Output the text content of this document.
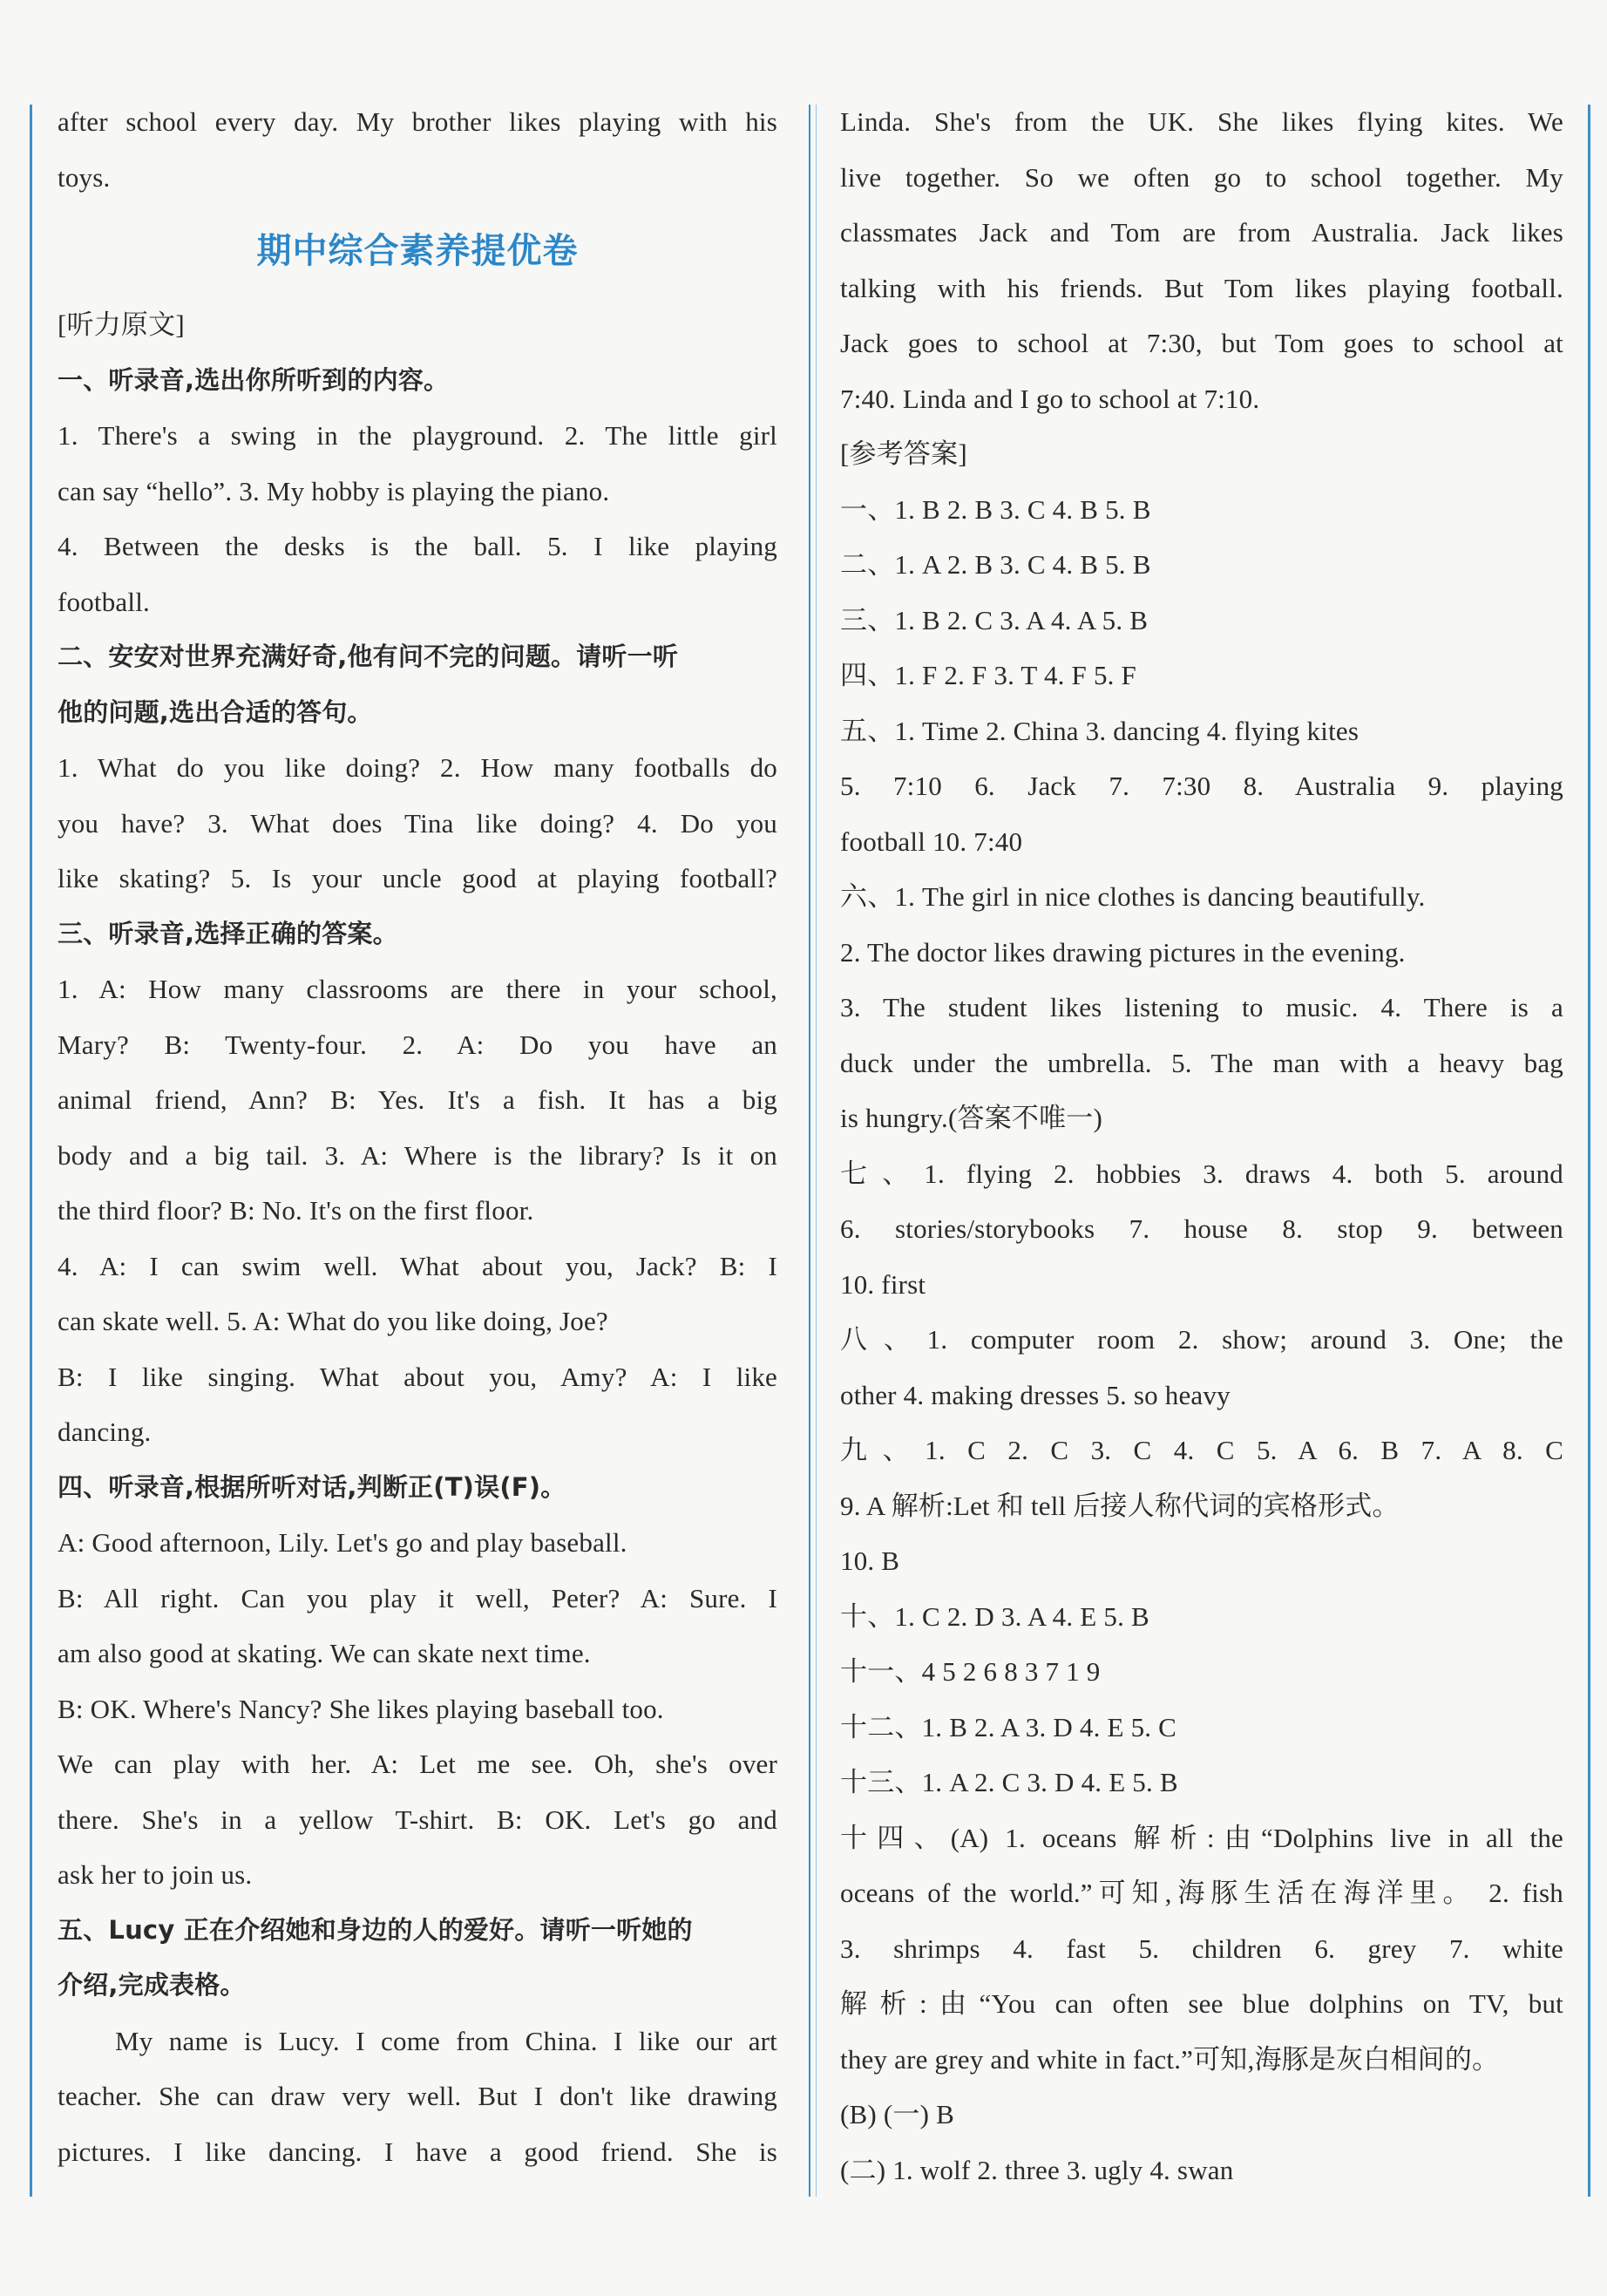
after school every day. My brother likes playing with his
toys.
期中综合素养提优卷
[听力原文]
一、听录音,选出你所听到的内容。
1. There's a swing in the playground. 2. The little girl
can say “hello”. 3. My hobby is playing the piano.
4. Between the desks is the ball. 5. I like playing
football.
二、安安对世界充满好奇,他有问不完的问题。请听一听
他的问题,选出合适的答句。
1. What do you like doing? 2. How many footballs do
you have? 3. What does Tina like doing? 4. Do you
like skating? 5. Is your uncle good at playing football?
三、听录音,选择正确的答案。
1. A: How many classrooms are there in your school,
Mary? B: Twenty-four. 2. A: Do you have an
animal friend, Ann? B: Yes. It's a fish. It has a big
body and a big tail. 3. A: Where is the library? Is it on
the third floor? B: No. It's on the first floor.
4. A: I can swim well. What about you, Jack? B: I
can skate well. 5. A: What do you like doing, Joe?
B: I like singing. What about you, Amy? A: I like
dancing.
四、听录音,根据所听对话,判断正(T)误(F)。
A: Good afternoon, Lily. Let's go and play baseball.
B: All right. Can you play it well, Peter? A: Sure. I
am also good at skating. We can skate next time.
B: OK. Where's Nancy? She likes playing baseball too.
We can play with her. A: Let me see. Oh, she's over
there. She's in a yellow T-shirt. B: OK. Let's go and
ask her to join us.
五、Lucy 正在介绍她和身边的人的爱好。请听一听她的
介绍,完成表格。
My name is Lucy. I come from China. I like our art
teacher. She can draw very well. But I don't like drawing
pictures. I like dancing. I have a good friend. She is
Linda. She's from the UK. She likes flying kites. We
live together. So we often go to school together. My
classmates Jack and Tom are from Australia. Jack likes
talking with his friends. But Tom likes playing football.
Jack goes to school at 7:30, but Tom goes to school at
7:40. Linda and I go to school at 7:10.
[参考答案]
一、1. B 2. B 3. C 4. B 5. B
二、1. A 2. B 3. C 4. B 5. B
三、1. B 2. C 3. A 4. A 5. B
四、1. F 2. F 3. T 4. F 5. F
五、1. Time 2. China 3. dancing 4. flying kites
5. 7:10 6. Jack 7. 7:30 8. Australia 9. playing
football 10. 7:40
六、1. The girl in nice clothes is dancing beautifully.
2. The doctor likes drawing pictures in the evening.
3. The student likes listening to music. 4. There is a
duck under the umbrella. 5. The man with a heavy bag
is hungry.(答案不唯一)
七、1. flying 2. hobbies 3. draws 4. both 5. around
6. stories/storybooks 7. house 8. stop 9. between
10. first
八、1. computer room 2. show; around 3. One; the
other 4. making dresses 5. so heavy
九、1. C 2. C 3. C 4. C 5. A 6. B 7. A 8. C
9. A 解析:Let 和 tell 后接人称代词的宾格形式。
10. B
十、1. C 2. D 3. A 4. E 5. B
十一、4 5 2 6 8 3 7 1 9
十二、1. B 2. A 3. D 4. E 5. C
十三、1. A 2. C 3. D 4. E 5. B
十四、(A) 1. oceans 解析:由“Dolphins live in all the
oceans of the world.”可知,海豚生活在海洋里。 2. fish
3. shrimps 4. fast 5. children 6. grey 7. white
解析:由“You can often see blue dolphins on TV, but
they are grey and white in fact.”可知,海豚是灰白相间的。
(B) (一) B
(二) 1. wolf 2. three 3. ugly 4. swan
